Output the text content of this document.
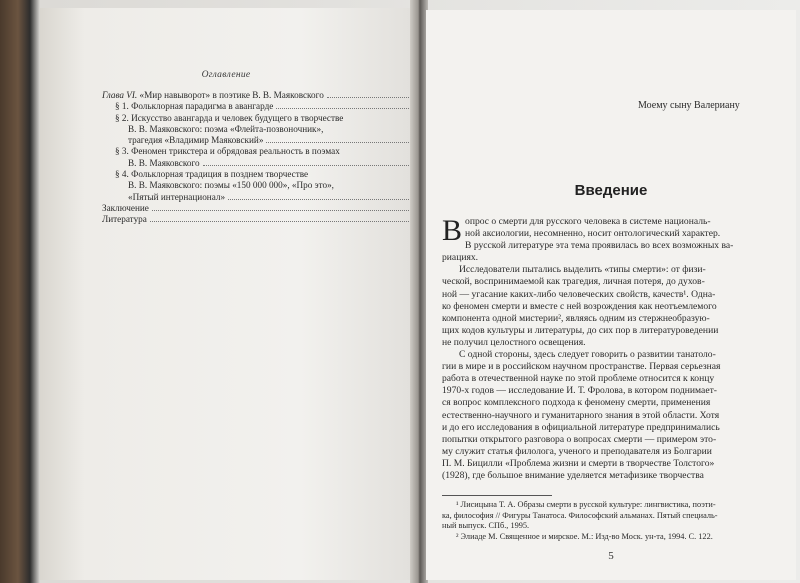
Оглавление
Глава VI. «Мир навыворот» в поэтике В. В. Маяковского
§ 1. Фольклорная парадигма в авангарде
§ 2. Искусство авангарда и человек будущего в творчестве
В. В. Маяковского: поэма «Флейта-позвоночник»,
трагедия «Владимир Маяковский»
§ 3. Феномен трикстера и обрядовая реальность в поэмах
В. В. Маяковского
§ 4. Фольклорная традиция в позднем творчестве
В. В. Маяковского: поэмы «150 000 000», «Про это»,
«Пятый интернационал»
Заключение
Литература
Моему сыну Валериану
Введение
В опрос о смерти для русского человека в системе националь-
ной аксиологии, несомненно, носит онтологический характер.
В русской литературе эта тема проявилась во всех возможных ва-
риациях.
Исследователи пытались выделить «типы смерти»: от физи-
ческой, воспринимаемой как трагедия, личная потеря, до духов-
ной — угасание каких-либо человеческих свойств, качеств¹. Одна-
ко феномен смерти и вместе с ней возрождения как неотъемлемого
компонента одной мистерии², являясь одним из стержнеобразую-
щих кодов культуры и литературы, до сих пор в литературоведении
не получил целостного освещения.
С одной стороны, здесь следует говорить о развитии танатоло-
гии в мире и в российском научном пространстве. Первая серьезная
работа в отечественной науке по этой проблеме относится к концу
1970-х годов — исследование И. Т. Фролова, в котором поднимает-
ся вопрос комплексного подхода к феномену смерти, применения
естественно-научного и гуманитарного знания в этой области. Хотя
и до его исследования в официальной литературе предпринимались
попытки открытого разговора о вопросах смерти — примером это-
му служит статья филолога, ученого и преподавателя из Болгарии
П. М. Бицилли «Проблема жизни и смерти в творчестве Толстого»
(1928), где большое внимание уделяется метафизике творчества
¹ Лисицына Т. А. Образы смерти в русской культуре: лингвистика, поэти-
ка, философия // Фигуры Танатоса. Философский альманах. Пятый специаль-
ный выпуск. СПб., 1995.
² Элиаде М. Священное и мирское. М.: Изд-во Моск. ун-та, 1994. С. 122.
5
